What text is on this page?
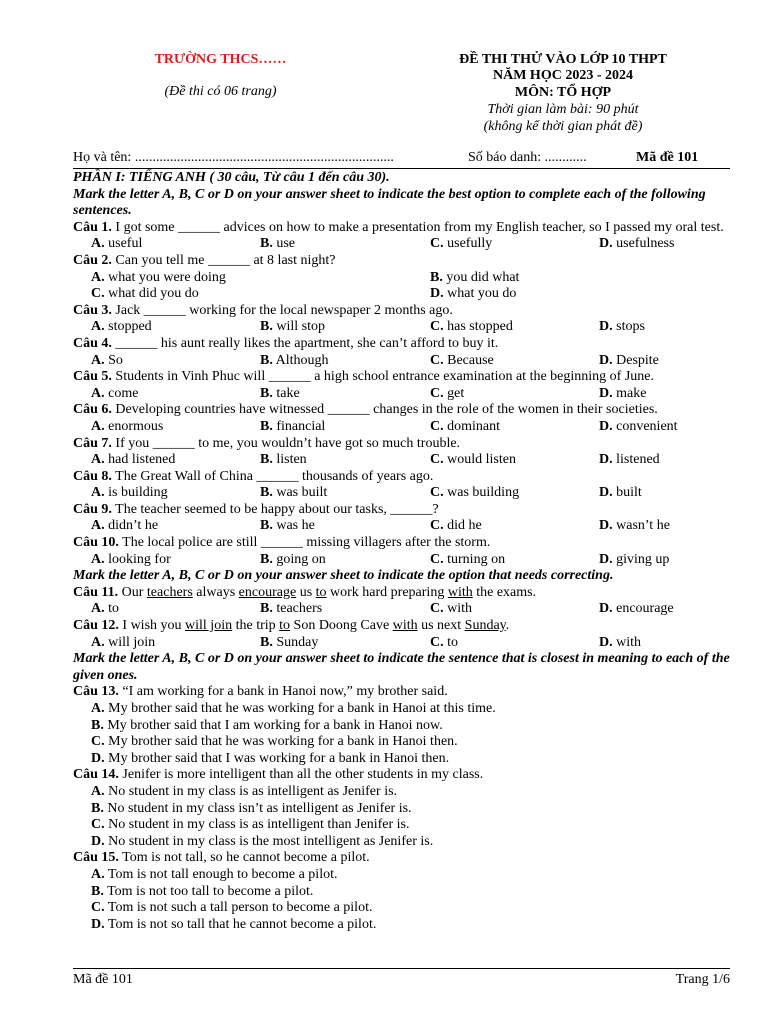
TRƯỜNG THCS……
(Đề thi có 06 trang)
ĐỀ THI THỬ VÀO LỚP 10 THPT
NĂM HỌC 2023 - 2024
MÔN: TỔ HỢP
Thời gian làm bài: 90 phút
(không kể thời gian phát đề)
Họ và tên: ..........................................................................	Số báo danh: ............	Mã đề 101
PHẦN I: TIẾNG ANH ( 30 câu, Từ câu 1 đến câu 30).
Mark the letter A, B, C or D on your answer sheet to indicate the best option to complete each of the following sentences.
Câu 1. I got some ______ advices on how to make a presentation from my English teacher, so I passed my oral test.
A. useful	B. use	C. usefully	D. usefulness
Câu 2. Can you tell me ______ at 8 last night?
A. what you were doing	B. you did what
C. what did you do	D. what you do
Câu 3. Jack ______ working for the local newspaper 2 months ago.
A. stopped	B. will stop	C. has stopped	D. stops
Câu 4. ______ his aunt really likes the apartment, she can’t afford to buy it.
A. So	B. Although	C. Because	D. Despite
Câu 5. Students in Vinh Phuc will ______ a high school entrance examination at the beginning of June.
A. come	B. take	C. get	D. make
Câu 6. Developing countries have witnessed ______ changes in the role of the women in their societies.
A. enormous	B. financial	C. dominant	D. convenient
Câu 7. If you ______ to me, you wouldn’t have got so much trouble.
A. had listened	B. listen	C. would listen	D. listened
Câu 8. The Great Wall of China ______ thousands of years ago.
A. is building	B. was built	C. was building	D. built
Câu 9. The teacher seemed to be happy about our tasks, ______?
A. didn’t he	B. was he	C. did he	D. wasn’t he
Câu 10. The local police are still ______ missing villagers after the storm.
A. looking for	B. going on	C. turning on	D. giving up
Mark the letter A, B, C or D on your answer sheet to indicate the option that needs correcting.
Câu 11. Our teachers always encourage us to work hard preparing with the exams.
A. to	B. teachers	C. with	D. encourage
Câu 12. I wish you will join the trip to Son Doong Cave with us next Sunday.
A. will join	B. Sunday	C. to	D. with
Mark the letter A, B, C or D on your answer sheet to indicate the sentence that is closest in meaning to each of the given ones.
Câu 13. “I am working for a bank in Hanoi now,” my brother said.
A. My brother said that he was working for a bank in Hanoi at this time.
B. My brother said that I am working for a bank in Hanoi now.
C. My brother said that he was working for a bank in Hanoi then.
D. My brother said that I was working for a bank in Hanoi then.
Câu 14. Jenifer is more intelligent than all the other students in my class.
A. No student in my class is as intelligent as Jenifer is.
B. No student in my class isn’t as intelligent as Jenifer is.
C. No student in my class is as intelligent than Jenifer is.
D. No student in my class is the most intelligent as Jenifer is.
Câu 15. Tom is not tall, so he cannot become a pilot.
A. Tom is not tall enough to become a pilot.
B. Tom is not too tall to become a pilot.
C. Tom is not such a tall person to become a pilot.
D. Tom is not so tall that he cannot become a pilot.
Mã đề 101	Trang 1/6
